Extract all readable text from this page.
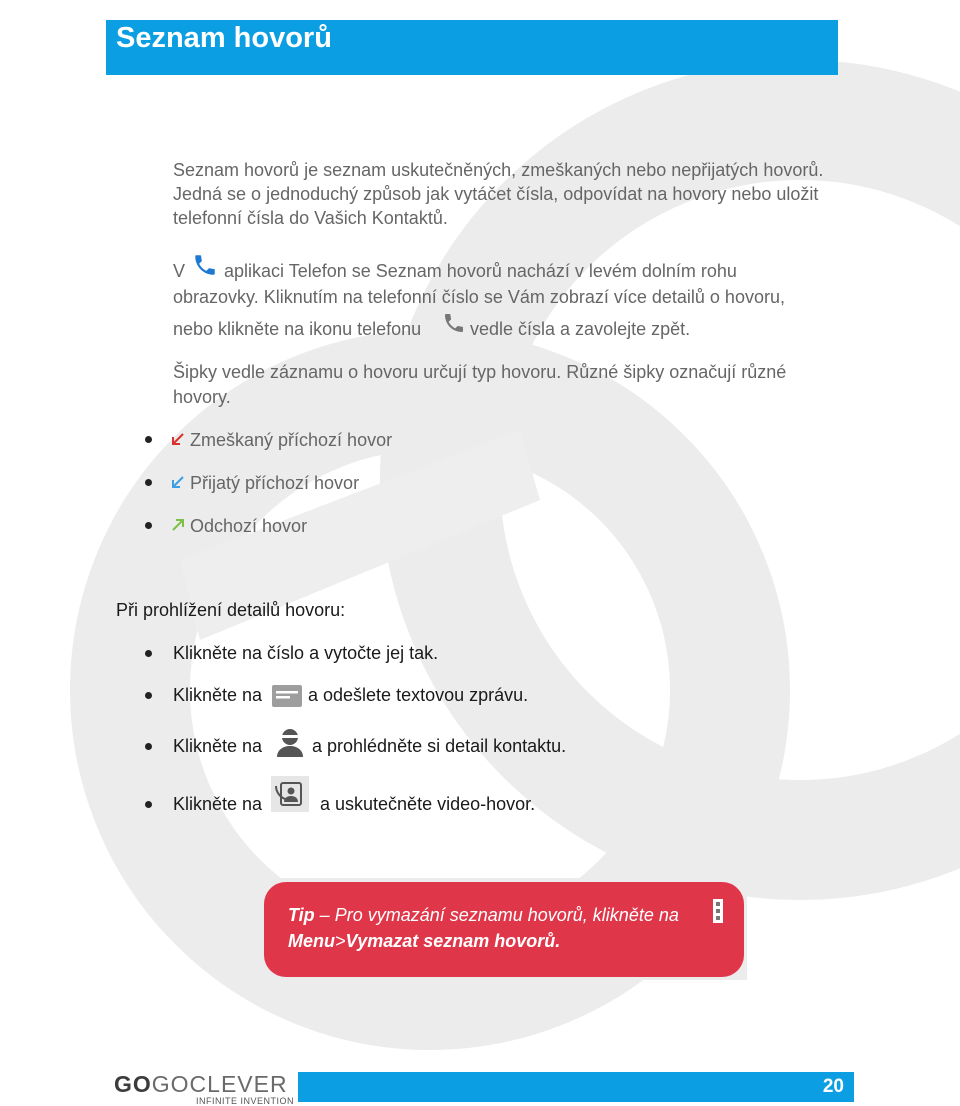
Seznam hovorů
Seznam hovorů je seznam uskutečněných, zmeškaných nebo nepřijatých hovorů. Jedná se o jednoduchý způsob jak vytáčet čísla, odpovídat na hovory nebo uložit telefonní čísla do Vašich Kontaktů.
V aplikaci Telefon se Seznam hovorů nachází v levém dolním rohu
obrazovky. Kliknutím na telefonní číslo se Vám zobrazí více detailů o hovoru,
nebo klikněte na ikonu telefonu	vedle čísla a zavolejte zpět.
Šipky vedle záznamu o hovoru určují typ hovoru. Různé šipky označují různé
hovory.
Zmeškaný příchozí hovor
Přijatý příchozí hovor
Odchozí hovor
Při prohlížení detailů hovoru:
Klikněte na číslo a vytočte jej tak.
Klikněte na	a odešlete textovou zprávu.
Klikněte na	a prohlédněte si detail kontaktu.
Klikněte na	a uskutečněte video-hovor.
Tip – Pro vymazání seznamu hovorů, klikněte na
Menu>Vymazat seznam hovorů.
GOGOCLEVER
INFINITE INVENTION
20
